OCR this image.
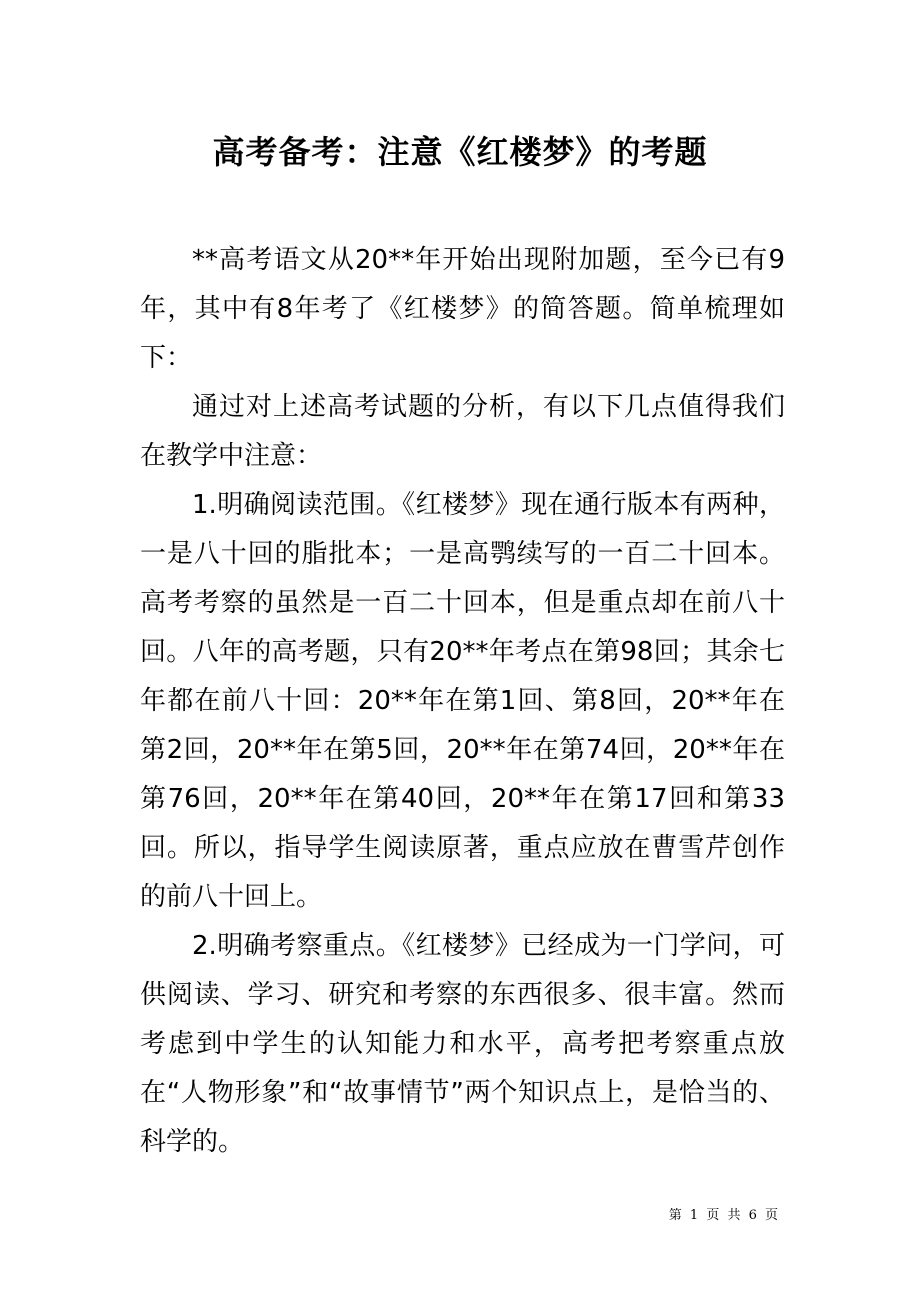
高考备考：注意《红楼梦》的考题

**高考语文从20**年开始出现附加题，至今已有9年，其中有8年考了《红楼梦》的简答题。简单梳理如下：

通过对上述高考试题的分析，有以下几点值得我们在教学中注意：

1.明确阅读范围。《红楼梦》现在通行版本有两种，一是八十回的脂批本；一是高鹗续写的一百二十回本。高考考察的虽然是一百二十回本，但是重点却在前八十回。八年的高考题，只有20**年考点在第98回；其余七年都在前八十回：20**年在第1回、第8回，20**年在第2回，20**年在第5回，20**年在第74回，20**年在第76回，20**年在第40回，20**年在第17回和第33回。所以，指导学生阅读原著，重点应放在曹雪芹创作的前八十回上。

2.明确考察重点。《红楼梦》已经成为一门学问，可供阅读、学习、研究和考察的东西很多、很丰富。然而考虑到中学生的认知能力和水平，高考把考察重点放在“人物形象”和“故事情节”两个知识点上，是恰当的、科学的。

第 1 页 共 6 页
